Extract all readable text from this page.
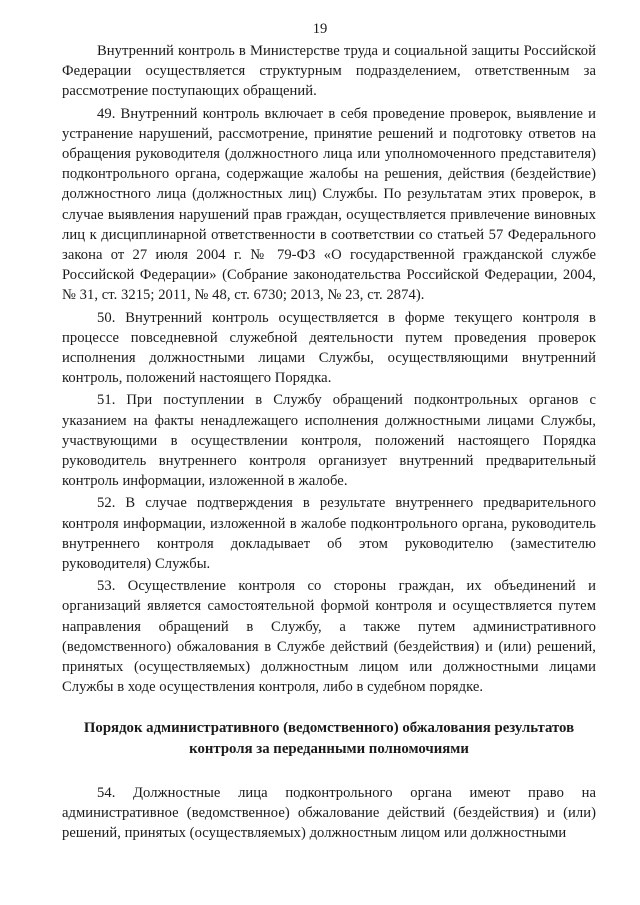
19

Внутренний контроль в Министерстве труда и социальной защиты Российской Федерации осуществляется структурным подразделением, ответственным за рассмотрение поступающих обращений.

49. Внутренний контроль включает в себя проведение проверок, выявление и устранение нарушений, рассмотрение, принятие решений и подготовку ответов на обращения руководителя (должностного лица или уполномоченного представителя) подконтрольного органа, содержащие жалобы на решения, действия (бездействие) должностного лица (должностных лиц) Службы. По результатам этих проверок, в случае выявления нарушений прав граждан, осуществляется привлечение виновных лиц к дисциплинарной ответственности в соответствии со статьей 57 Федерального закона от 27 июля 2004 г. № 79-ФЗ «О государственной гражданской службе Российской Федерации» (Собрание законодательства Российской Федерации, 2004, № 31, ст. 3215; 2011, № 48, ст. 6730; 2013, № 23, ст. 2874).

50. Внутренний контроль осуществляется в форме текущего контроля в процессе повседневной служебной деятельности путем проведения проверок исполнения должностными лицами Службы, осуществляющими внутренний контроль, положений настоящего Порядка.

51. При поступлении в Службу обращений подконтрольных органов с указанием на факты ненадлежащего исполнения должностными лицами Службы, участвующими в осуществлении контроля, положений настоящего Порядка руководитель внутреннего контроля организует внутренний предварительный контроль информации, изложенной в жалобе.

52. В случае подтверждения в результате внутреннего предварительного контроля информации, изложенной в жалобе подконтрольного органа, руководитель внутреннего контроля докладывает об этом руководителю (заместителю руководителя) Службы.

53. Осуществление контроля со стороны граждан, их объединений и организаций является самостоятельной формой контроля и осуществляется путем направления обращений в Службу, а также путем административного (ведомственного) обжалования в Службе действий (бездействия) и (или) решений, принятых (осуществляемых) должностным лицом или должностными лицами Службы в ходе осуществления контроля, либо в судебном порядке.

Порядок административного (ведомственного) обжалования результатов контроля за переданными полномочиями

54. Должностные лица подконтрольного органа имеют право на административное (ведомственное) обжалование действий (бездействия) и (или) решений, принятых (осуществляемых) должностным лицом или должностными
